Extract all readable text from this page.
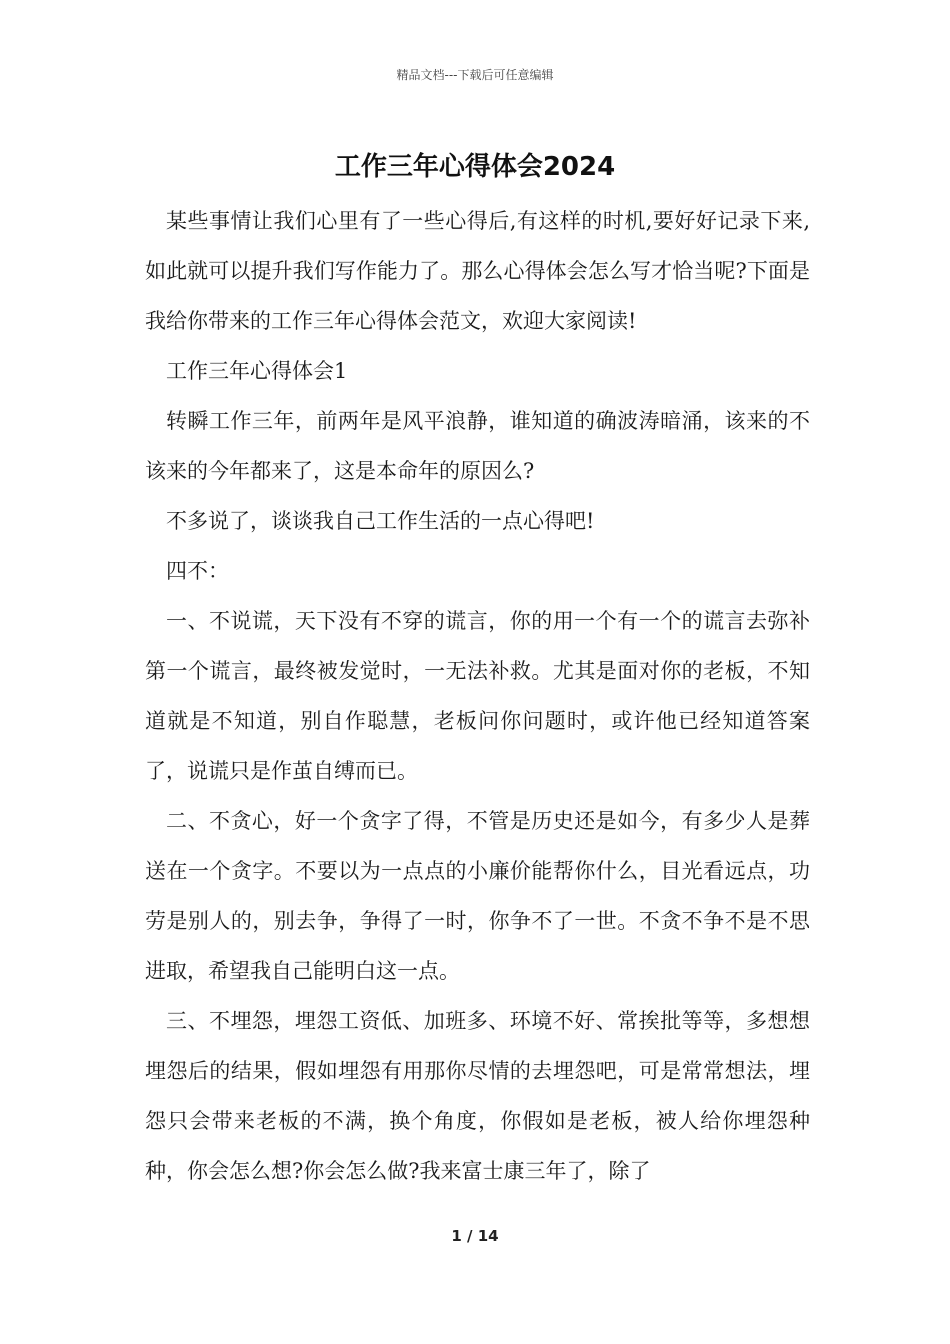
精品文档---下载后可任意编辑
工作三年心得体会2024

某些事情让我们心里有了一些心得后,有这样的时机,要好好记录下来,如此就可以提升我们写作能力了。那么心得体会怎么写才恰当呢?下面是我给你带来的工作三年心得体会范文，欢迎大家阅读!

工作三年心得体会1

转瞬工作三年，前两年是风平浪静，谁知道的确波涛暗涌，该来的不该来的今年都来了，这是本命年的原因么?

不多说了，谈谈我自己工作生活的一点心得吧!

四不：

一、不说谎，天下没有不穿的谎言，你的用一个有一个的谎言去弥补第一个谎言，最终被发觉时，一无法补救。尤其是面对你的老板，不知道就是不知道，别自作聪慧，老板问你问题时，或许他已经知道答案了，说谎只是作茧自缚而已。

二、不贪心，好一个贪字了得，不管是历史还是如今，有多少人是葬送在一个贪字。不要以为一点点的小廉价能帮你什么，目光看远点，功劳是别人的，别去争，争得了一时，你争不了一世。不贪不争不是不思进取，希望我自己能明白这一点。

三、不埋怨，埋怨工资低、加班多、环境不好、常挨批等等，多想想埋怨后的结果，假如埋怨有用那你尽情的去埋怨吧，可是常常想法，埋怨只会带来老板的不满，换个角度，你假如是老板，被人给你埋怨种种，你会怎么想?你会怎么做?我来富士康三年了，除了

1 / 14
